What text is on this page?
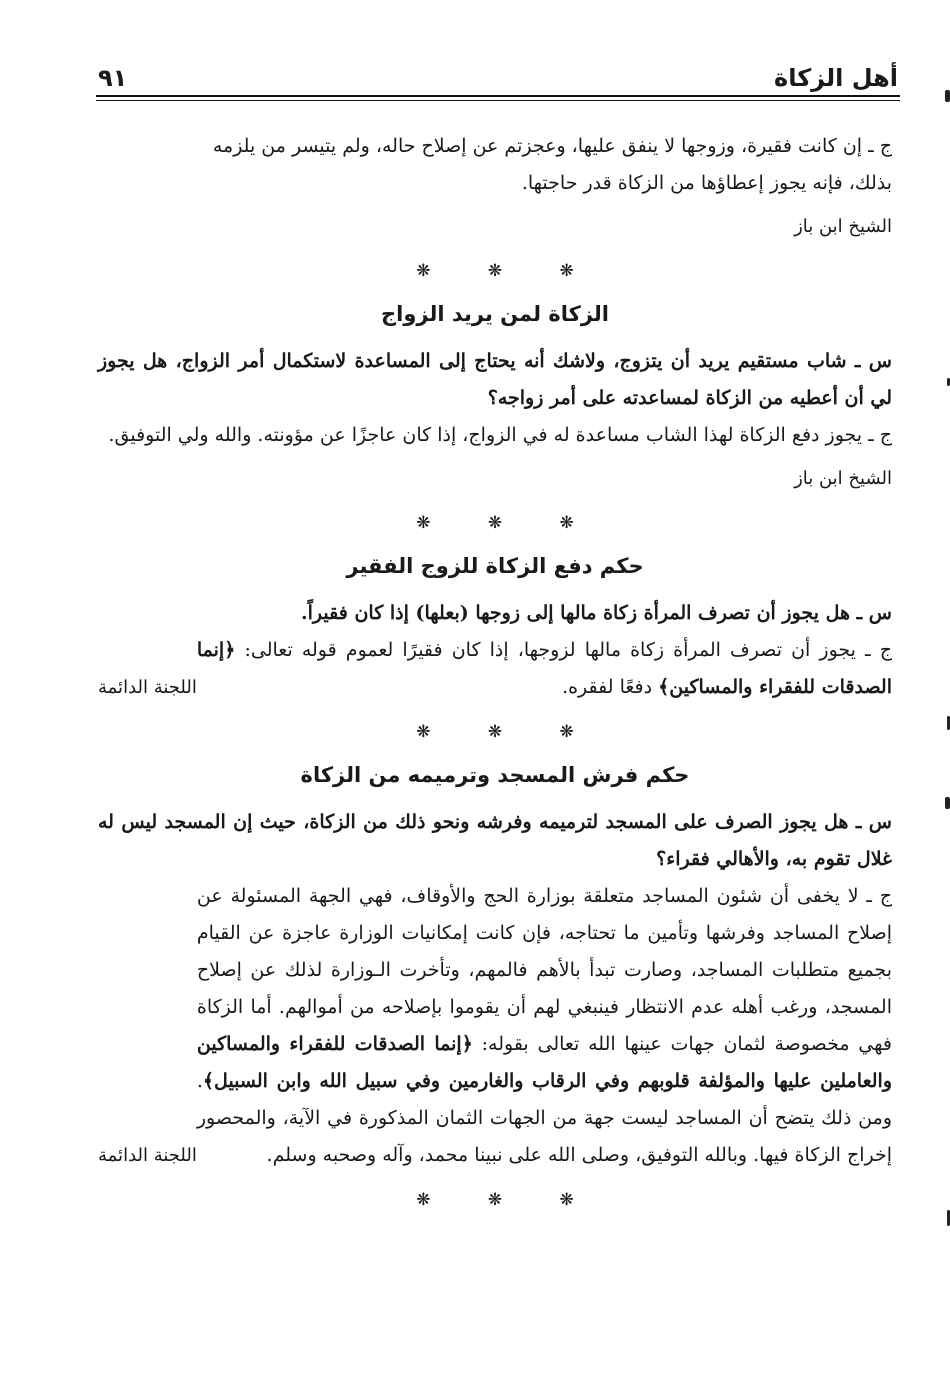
أهل الزكاة
٩١

ج ـ إن كانت فقيرة، وزوجها لا ينفق عليها، وعجزتم عن إصلاح حاله، ولم يتيسر من يلزمه

بذلك، فإنه يجوز إعطاؤها من الزكاة قدر حاجتها.

الشيخ ابن باز

❋ ❋ ❋
الزكاة لمن يريد الزواج

س ـ شاب مستقيم يريد أن يتزوج، ولاشك أنه يحتاج إلى المساعدة لاستكمال أمر الزواج، هل يجوز لي أن أعطيه من الزكاة لمساعدته على أمر زواجه؟

ج ـ يجوز دفع الزكاة لهذا الشاب مساعدة له في الزواج، إذا كان عاجزًا عن مؤونته. والله ولي التوفيق.

الشيخ ابن باز

❋ ❋ ❋
حكم دفع الزكاة للزوج الفقير

س ـ هل يجوز أن تصرف المرأة زكاة مالها إلى زوجها (بعلها) إذا كان فقيراً.

ج ـ يجوز أن تصرف المرأة زكاة مالها لزوجها، إذا كان فقيرًا لعموم قوله تعالى: ﴿إنما الصدقات للفقراء والمساكين﴾ دفعًا لفقره.

اللجنة الدائمة

❋ ❋ ❋
حكم فرش المسجد وترميمه من الزكاة

س ـ هل يجوز الصرف على المسجد لترميمه وفرشه ونحو ذلك من الزكاة، حيث إن المسجد ليس له غلال تقوم به، والأهالي فقراء؟

ج ـ لا يخفى أن شئون المساجد متعلقة بوزارة الحج والأوقاف، فهي الجهة المسئولة عن إصلاح المساجد وفرشها وتأمين ما تحتاجه، فإن كانت إمكانيات الوزارة عاجزة عن القيام بجميع متطلبات المساجد، وصارت تبدأ بالأهم فالمهم، وتأخرت الـوزارة لذلك عن إصلاح المسجد، ورغب أهله عدم الانتظار فينبغي لهم أن يقوموا بإصلاحه من أموالهم. أما الزكاة فهي مخصوصة لثمان جهات عينها الله تعالى بقوله: ﴿إنما الصدقات للفقراء والمساكين والعاملين عليها والمؤلفة قلوبهم وفي الرقاب والغارمين وفي سبيل الله وابن السبيل﴾. ومن ذلك يتضح أن المساجد ليست جهة من الجهات الثمان المذكورة في الآية، والمحصور إخراج الزكاة فيها. وبالله التوفيق، وصلى الله على نبينا محمد، وآله وصحبه وسلم.

اللجنة الدائمة

❋ ❋ ❋
